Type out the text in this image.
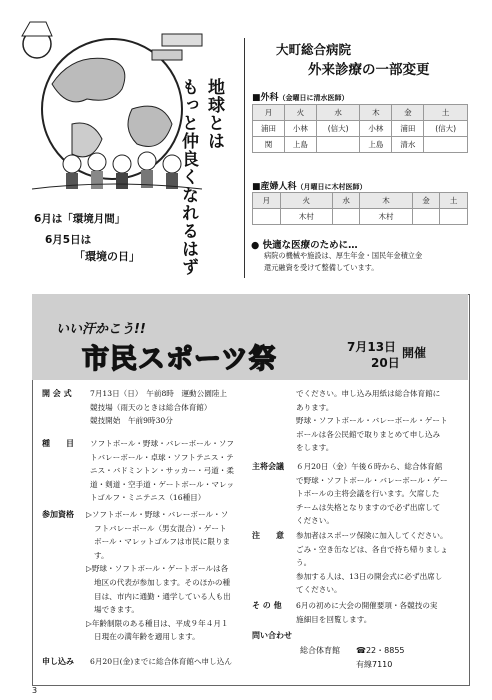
地球とは
もっと仲良くなれるはず
6月は「環境月間」
6月5日は
「環境の日」
大町総合病院
外来診療の一部変更
■外科（金曜日に清水医師）
月	火	水	木	金	土
浦田	小林	(信大)	小林	浦田	(信大)
関	上島		上島	清水	
■産婦人科（月曜日に木村医師）
月	火	水	木	金	土
	木村		木村		
● 快適な医療のために…
病院の機械や施設は、厚生年金・国民年金積立金
還元融資を受けて整備しています。
いい汗かこう!!
市民スポーツ祭	7月13日
20日
開催
開 会 式 7月13日（日）　午前8時　運動公園陸上
競技場（雨天のときは総合体育館）
競技開始　午前9時30分
種　　目 ソフトボール・野球・バレーボール・ソフ
トバレーボール・卓球・ソフトテニス・テ
ニス・バドミントン・サッカー・弓道・柔
道・剣道・空手道・ゲートボール・マレッ
トゴルフ・ミニテニス（16種目）
参加資格 ▷ソフトボール・野球・バレーボール・ソ
フトバレーボール（男女混合）・ゲート
ボール・マレットゴルフは市民に限りま
す。
▷野球・ソフトボール・ゲートボールは各
地区の代表が参加します。そのほかの種
目は、市内に通勤・通学している人も出
場できます。
▷年齢制限のある種目は、平成９年４月１
日現在の満年齢を適用します。
申し込み 6月20日(金)までに総合体育館へ申し込ん
でください。申し込み用紙は総合体育館に
あります。
野球・ソフトボール・バレーボール・ゲート
ボールは各公民館で取りまとめて申し込み
をします。
主将会議 ６月20日（金）午後６時から、総合体育館
で野球・ソフトボール・バレーボール・ゲー
トボールの主将会議を行います。欠席した
チームは失格となりますので必ず出席して
ください。
注　　意 参加者はスポーツ保険に加入してください。
ごみ・空き缶などは、各自で持ち帰りましょ
う。
参加する人は、13日の開会式に必ず出席し
てください。
そ の 他 6月の初めに大会の開催要項・各競技の実
施細目を回覧します。
問い合わせ
総合体育館 ☎22・8855
有線7110
3
